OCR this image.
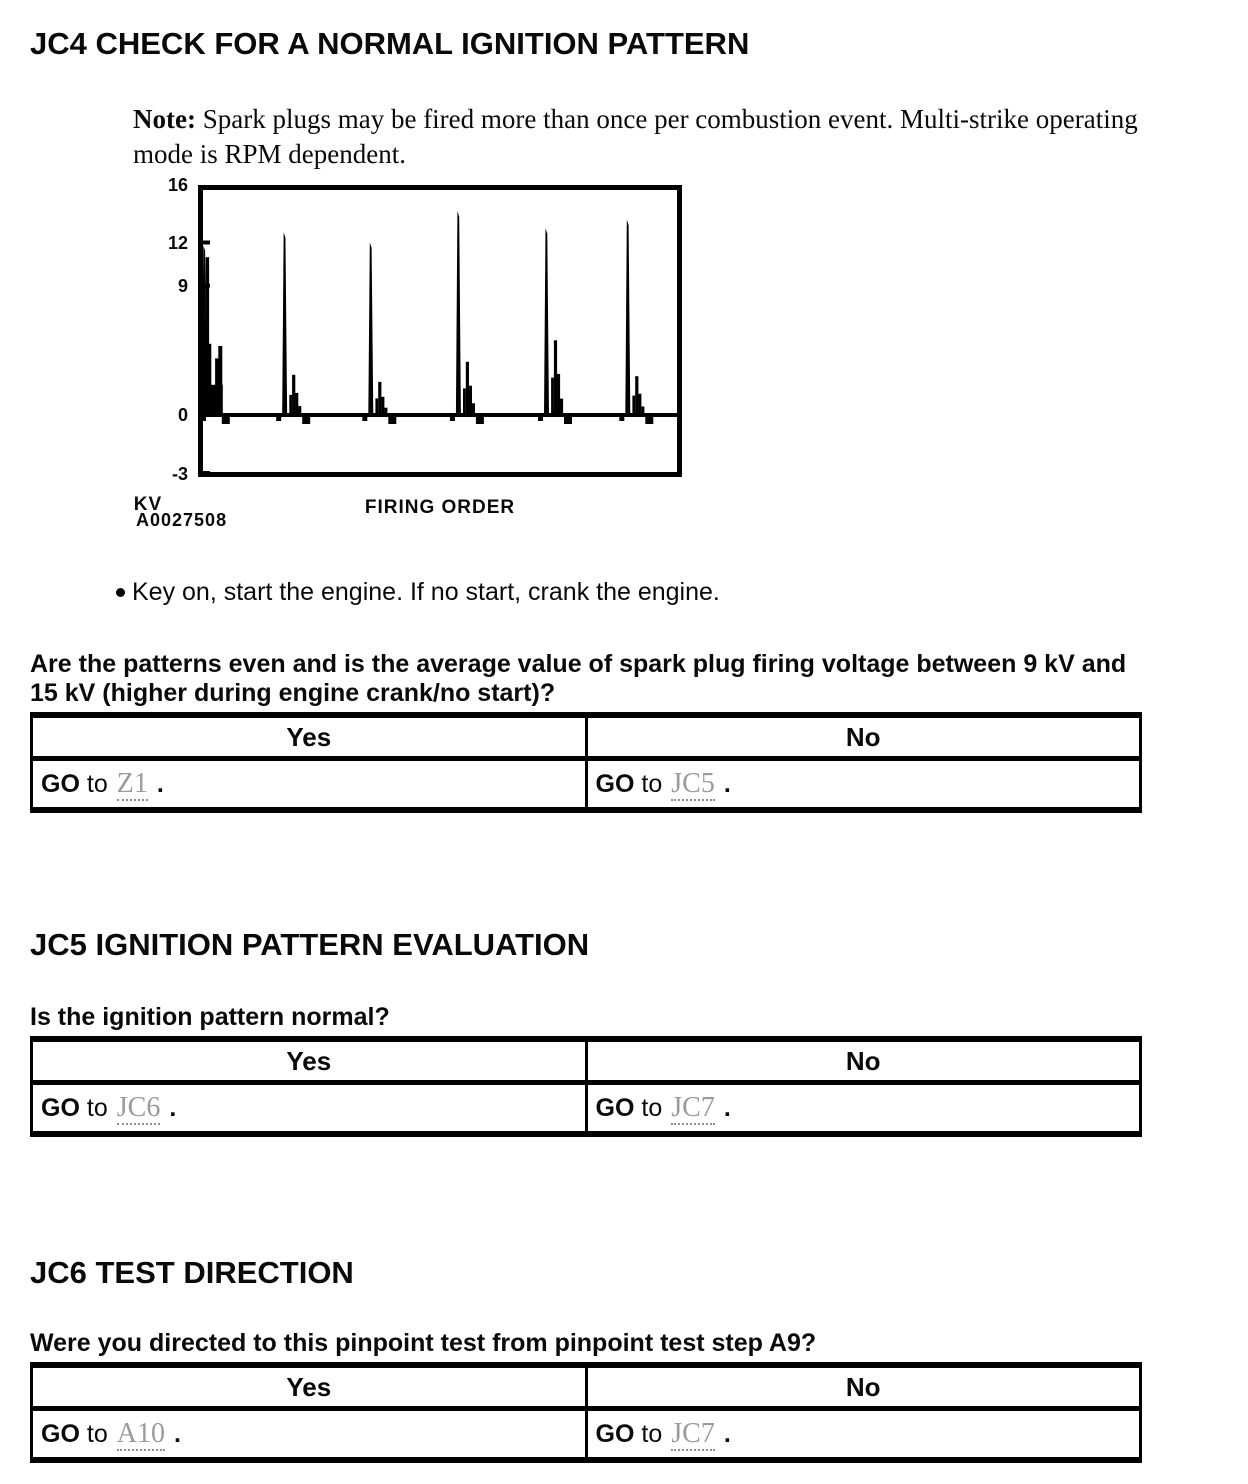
JC4 CHECK FOR A NORMAL IGNITION PATTERN

Note: Spark plugs may be fired more than once per combustion event. Multi-strike operating mode is RPM dependent.

16
12
9
0
-3
KV	FIRING ORDER
A0027508
Key on, start the engine. If no start, crank the engine.
Are the patterns even and is the average value of spark plug firing voltage between 9 kV and 15 kV (higher during engine crank/no start)?
Yes	No
GO to Z1 .	GO to JC5 .
JC5 IGNITION PATTERN EVALUATION
Is the ignition pattern normal?
Yes	No
GO to JC6 .	GO to JC7 .
JC6 TEST DIRECTION
Were you directed to this pinpoint test from pinpoint test step A9?
Yes	No
GO to A10 .	GO to JC7 .
